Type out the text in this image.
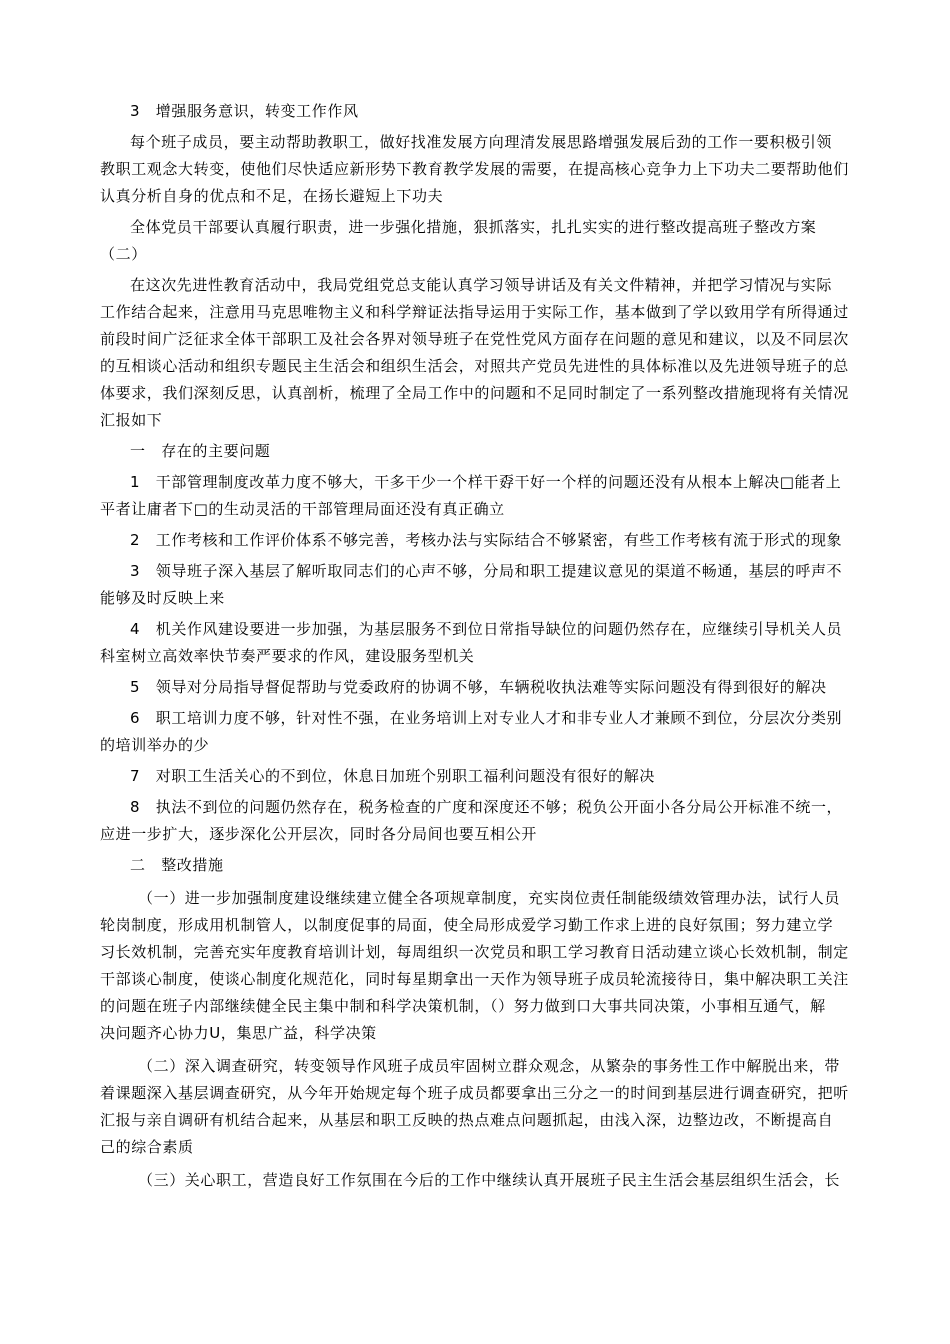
3　增强服务意识，转变工作作风
每个班子成员，要主动帮助教职工，做好找准发展方向理清发展思路增强发展后劲的工作一要积极引领
教职工观念大转变，使他们尽快适应新形势下教育教学发展的需要，在提高核心竞争力上下功夫二要帮助他们
认真分析自身的优点和不足，在扬长避短上下功夫
全体党员干部要认真履行职责，进一步强化措施，狠抓落实，扎扎实实的进行整改提高班子整改方案
（二）
在这次先进性教育活动中，我局党组党总支能认真学习领导讲话及有关文件精神，并把学习情况与实际
工作结合起来，注意用马克思唯物主义和科学辩证法指导运用于实际工作，基本做到了学以致用学有所得通过
前段时间广泛征求全体干部职工及社会各界对领导班子在党性党风方面存在问题的意见和建议，以及不同层次
的互相谈心活动和组织专题民主生活会和组织生活会，对照共产党员先进性的具体标准以及先进领导班子的总
体要求，我们深刻反思，认真剖析，梳理了全局工作中的问题和不足同时制定了一系列整改措施现将有关情况
汇报如下
一　存在的主要问题
1　干部管理制度改革力度不够大，干多干少一个样干孬干好一个样的问题还没有从根本上解决□能者上
平者让庸者下□的生动灵活的干部管理局面还没有真正确立
2　工作考核和工作评价体系不够完善，考核办法与实际结合不够紧密，有些工作考核有流于形式的现象
3　领导班子深入基层了解听取同志们的心声不够，分局和职工提建议意见的渠道不畅通，基层的呼声不
能够及时反映上来
4　机关作风建设要进一步加强，为基层服务不到位日常指导缺位的问题仍然存在，应继续引导机关人员
科室树立高效率快节奏严要求的作风，建设服务型机关
5　领导对分局指导督促帮助与党委政府的协调不够，车辆税收执法难等实际问题没有得到很好的解决
6　职工培训力度不够，针对性不强，在业务培训上对专业人才和非专业人才兼顾不到位，分层次分类别
的培训举办的少
7　对职工生活关心的不到位，休息日加班个别职工福利问题没有很好的解决
8　执法不到位的问题仍然存在，税务检查的广度和深度还不够；税负公开面小各分局公开标准不统一，
应进一步扩大，逐步深化公开层次，同时各分局间也要互相公开
二　整改措施
（一）进一步加强制度建设继续建立健全各项规章制度，充实岗位责任制能级绩效管理办法，试行人员
轮岗制度，形成用机制管人，以制度促事的局面，使全局形成爱学习勤工作求上进的良好氛围；努力建立学
习长效机制，完善充实年度教育培训计划，每周组织一次党员和职工学习教育日活动建立谈心长效机制，制定
干部谈心制度，使谈心制度化规范化，同时每星期拿出一天作为领导班子成员轮流接待日，集中解决职工关注
的问题在班子内部继续健全民主集中制和科学决策机制，（）努力做到口大事共同决策，小事相互通气，解
决问题齐心协力U，集思广益，科学决策
（二）深入调查研究，转变领导作风班子成员牢固树立群众观念，从繁杂的事务性工作中解脱出来，带
着课题深入基层调查研究，从今年开始规定每个班子成员都要拿出三分之一的时间到基层进行调查研究，把听
汇报与亲自调研有机结合起来，从基层和职工反映的热点难点问题抓起，由浅入深，边整边改，不断提高自
己的综合素质
（三）关心职工，营造良好工作氛围在今后的工作中继续认真开展班子民主生活会基层组织生活会，长
